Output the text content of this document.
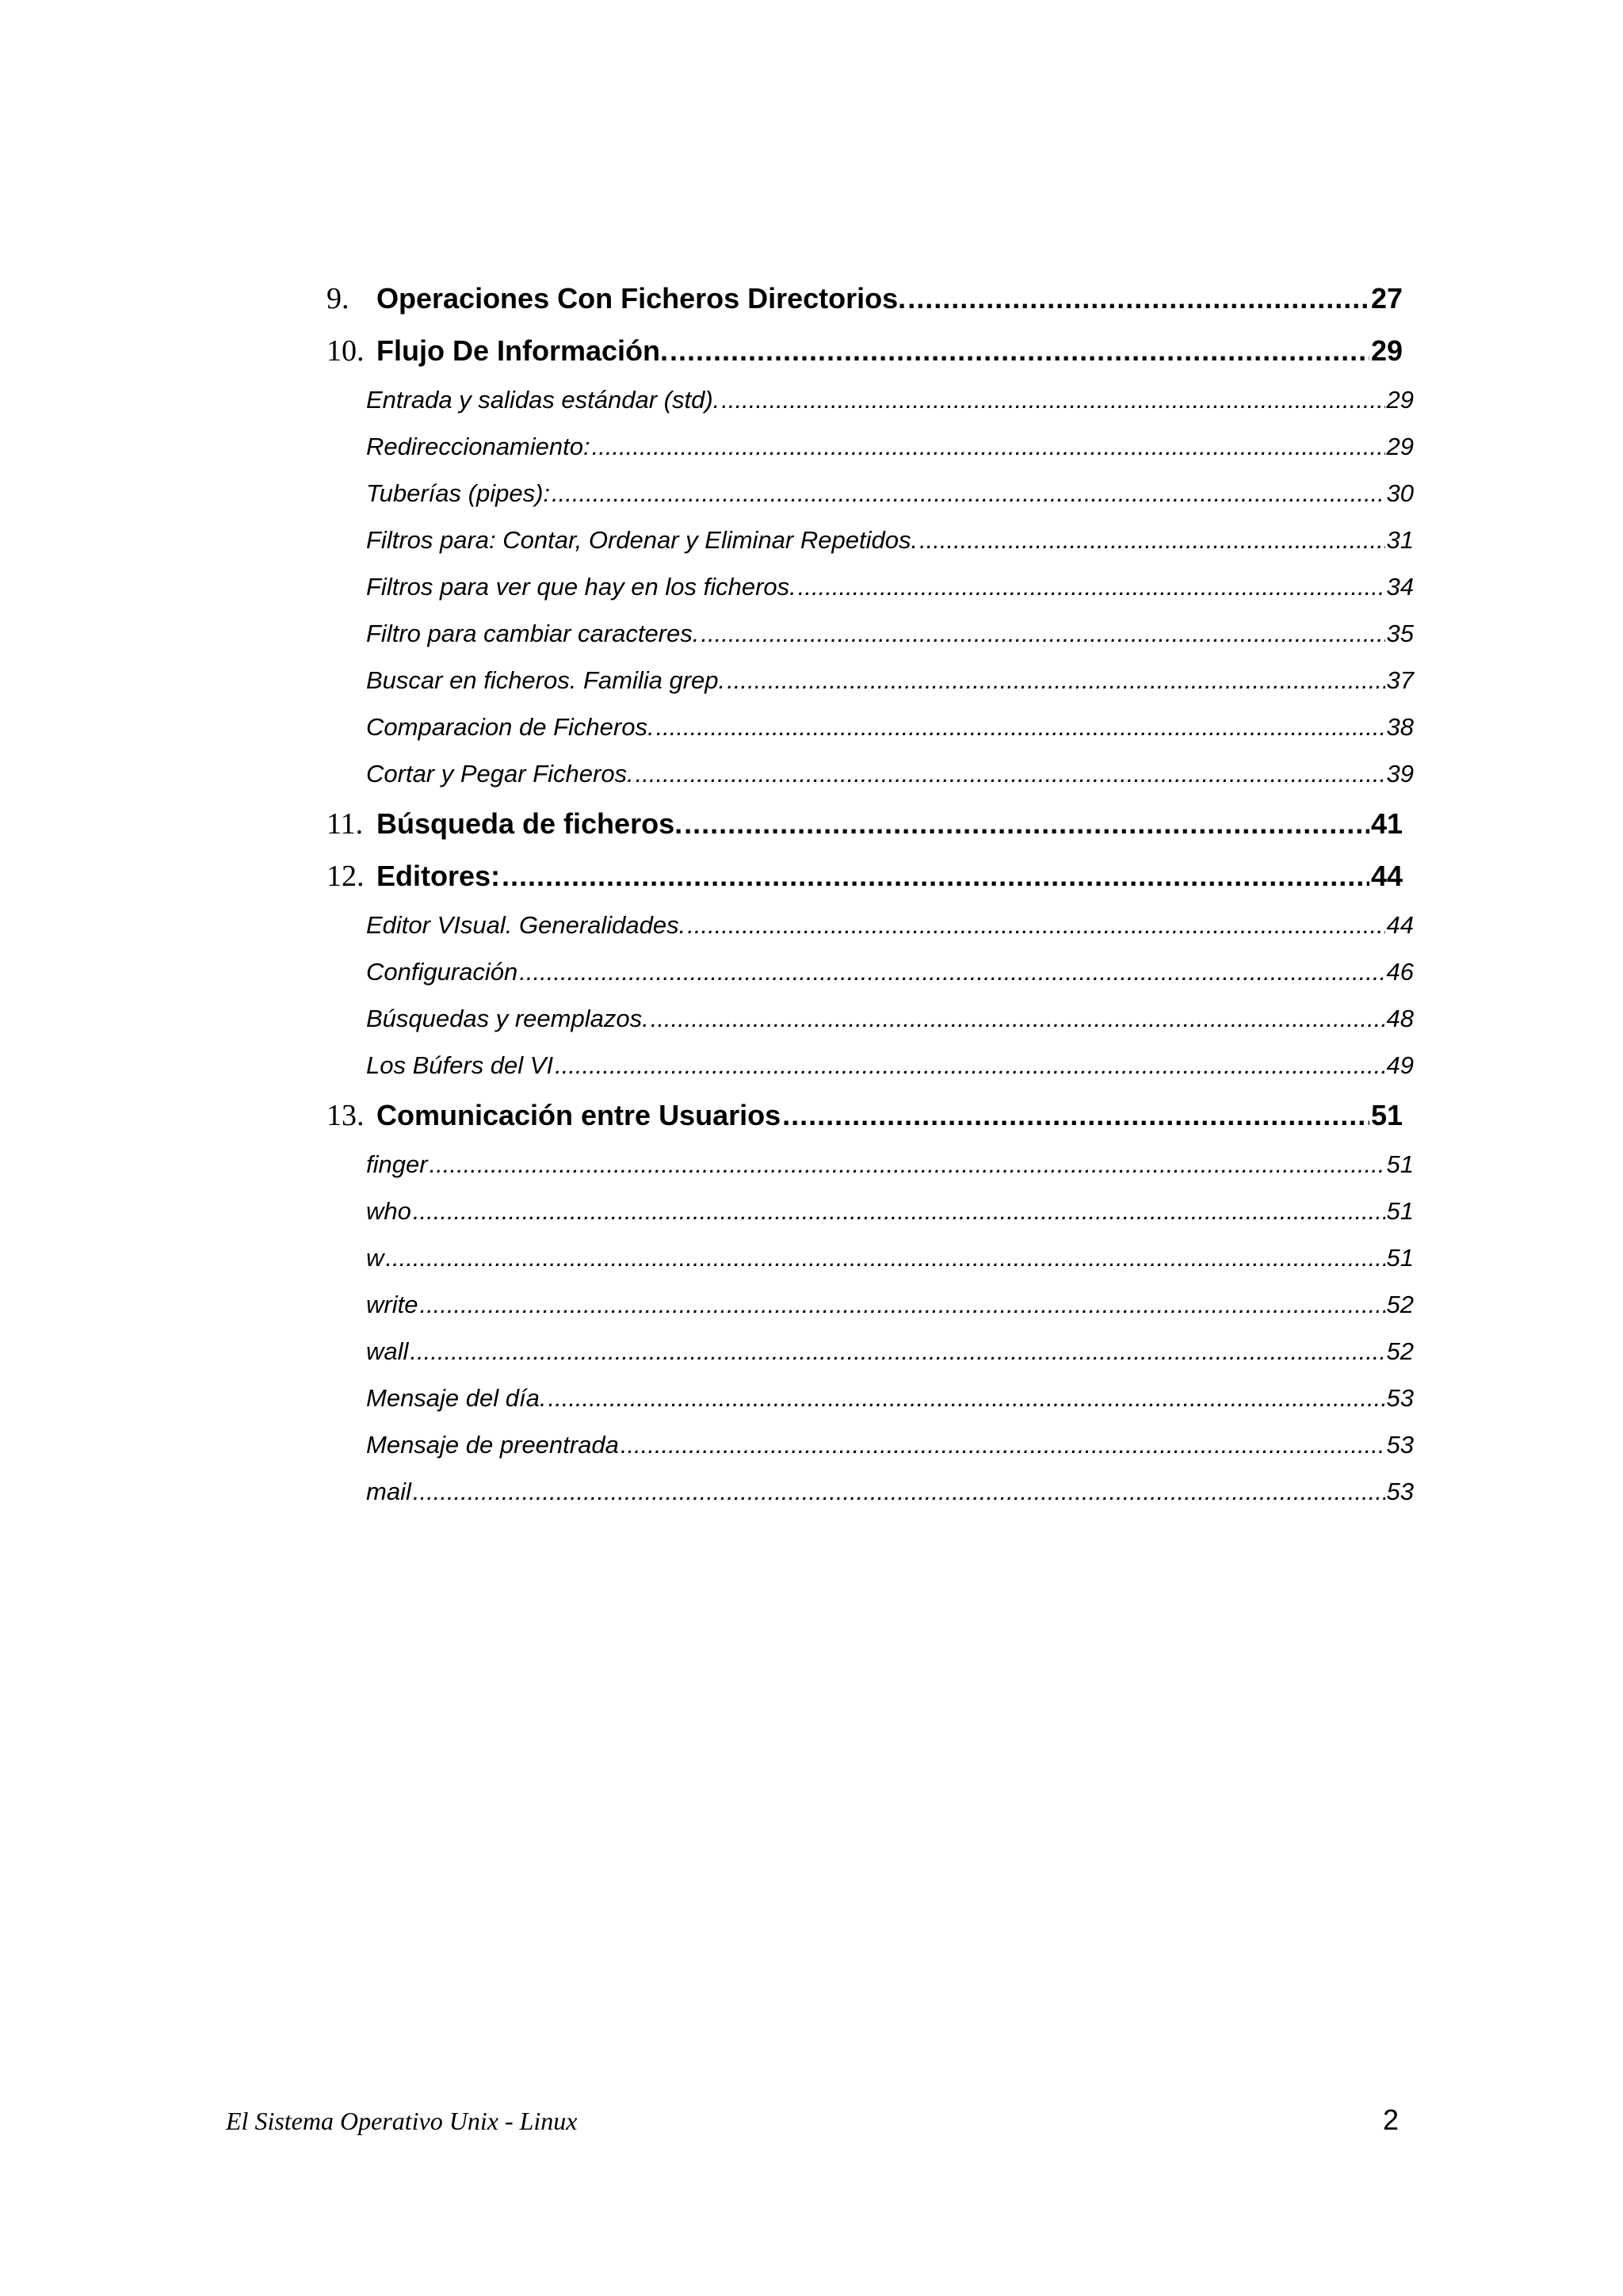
9. Operaciones Con Ficheros Directorios. .....	27
10. Flujo De Información. .....	29
Entrada y salidas estándar (std). .....	29
Redireccionamiento: .....	29
Tuberías (pipes): .....	30
Filtros para: Contar, Ordenar y Eliminar Repetidos. .....	31
Filtros para ver que hay en los ficheros. .....	34
Filtro para cambiar caracteres. .....	35
Buscar en ficheros. Familia grep. .....	37
Comparacion de Ficheros. .....	38
Cortar y Pegar Ficheros. .....	39
11. Búsqueda de ficheros. .....	41
12. Editores: .....	44
Editor VIsual. Generalidades. .....	44
Configuración .....	46
Búsquedas y reemplazos. .....	48
Los Búfers del VI .....	49
13. Comunicación entre Usuarios .....	51
finger .....	51
who .....	51
w .....	51
write .....	52
wall .....	52
Mensaje del día. .....	53
Mensaje de preentrada .....	53
mail .....	53
El Sistema Operativo Unix - Linux	2
